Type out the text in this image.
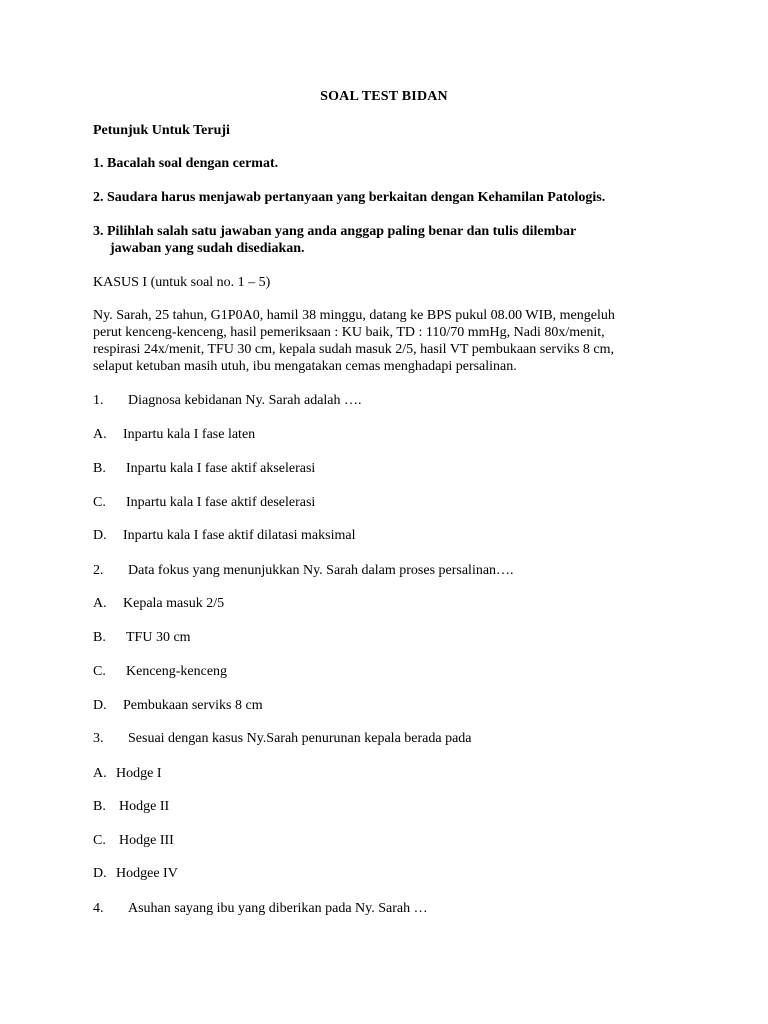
SOAL TEST BIDAN
Petunjuk Untuk Teruji
1. Bacalah soal dengan cermat.
2. Saudara harus menjawab pertanyaan yang berkaitan dengan Kehamilan Patologis.
3. Pilihlah salah satu jawaban yang anda anggap paling benar dan tulis dilembar
jawaban yang sudah disediakan.
KASUS I (untuk soal no. 1 – 5)
Ny. Sarah, 25 tahun, G1P0A0, hamil 38 minggu, datang ke BPS pukul 08.00 WIB, mengeluh
perut kenceng-kenceng, hasil pemeriksaan : KU baik, TD : 110/70 mmHg, Nadi 80x/menit,
respirasi 24x/menit, TFU 30 cm, kepala sudah masuk 2/5, hasil VT pembukaan serviks 8 cm,
selaput ketuban masih utuh, ibu mengatakan cemas menghadapi persalinan.
1. Diagnosa kebidanan Ny. Sarah adalah ….
A. Inpartu kala I fase laten
B. Inpartu kala I fase aktif akselerasi
C. Inpartu kala I fase aktif deselerasi
D. Inpartu kala I fase aktif dilatasi maksimal
2. Data fokus yang menunjukkan Ny. Sarah dalam proses persalinan….
A. Kepala masuk 2/5
B. TFU 30 cm
C. Kenceng-kenceng
D. Pembukaan serviks 8 cm
3. Sesuai dengan kasus Ny.Sarah penurunan kepala berada pada
A. Hodge I
B. Hodge II
C. Hodge III
D. Hodgee IV
4. Asuhan sayang ibu yang diberikan pada Ny. Sarah …
